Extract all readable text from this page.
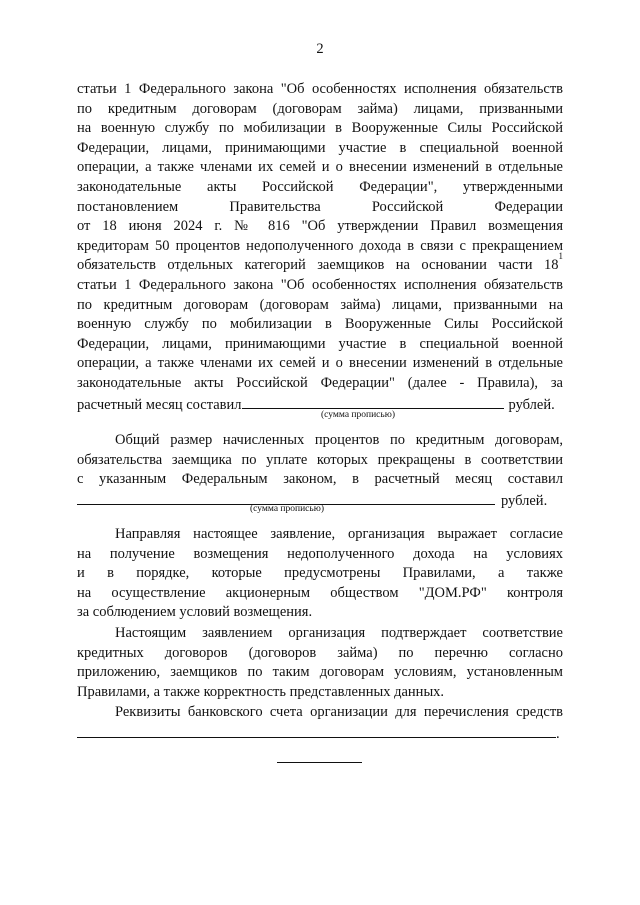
2
статьи 1 Федерального закона "Об особенностях исполнения обязательств
по кредитным договорам (договорам займа) лицами, призванными
на военную службу по мобилизации в Вооруженные Силы Российской
Федерации, лицами, принимающими участие в специальной военной
операции, а также членами их семей и о внесении изменений в отдельные
законодательные акты Российской Федерации", утвержденными
постановлением Правительства Российской Федерации
от 18 июня 2024 г. № 816 "Об утверждении Правил возмещения
кредиторам 50 процентов недополученного дохода в связи с прекращением
обязательств отдельных категорий заемщиков на основании части 18
1
статьи 1 Федерального закона "Об особенностях исполнения обязательств
по кредитным договорам (договорам займа) лицами, призванными на
военную службу по мобилизации в Вооруженные Силы Российской
Федерации, лицами, принимающими участие в специальной военной
операции, а также членами их семей и о внесении изменений в отдельные
законодательные акты Российской Федерации" (далее - Правила), за
расчетный месяц составил	рублей.
(сумма прописью)
Общий размер начисленных процентов по кредитным договорам,
обязательства заемщика по уплате которых прекращены в соответствии
с указанным Федеральным законом, в расчетный месяц составил
рублей.
(сумма прописью)
Направляя настоящее заявление, организация выражает согласие
на получение возмещения недополученного дохода на условиях
и в порядке, которые предусмотрены Правилами, а также
на осуществление акционерным обществом "ДОМ.РФ" контроля
за соблюдением условий возмещения.
Настоящим заявлением организация подтверждает соответствие
кредитных договоров (договоров займа) по перечню согласно
приложению, заемщиков по таким договорам условиям, установленным
Правилами, а также корректность представленных данных.
Реквизиты банковского счета организации для перечисления средств
.
